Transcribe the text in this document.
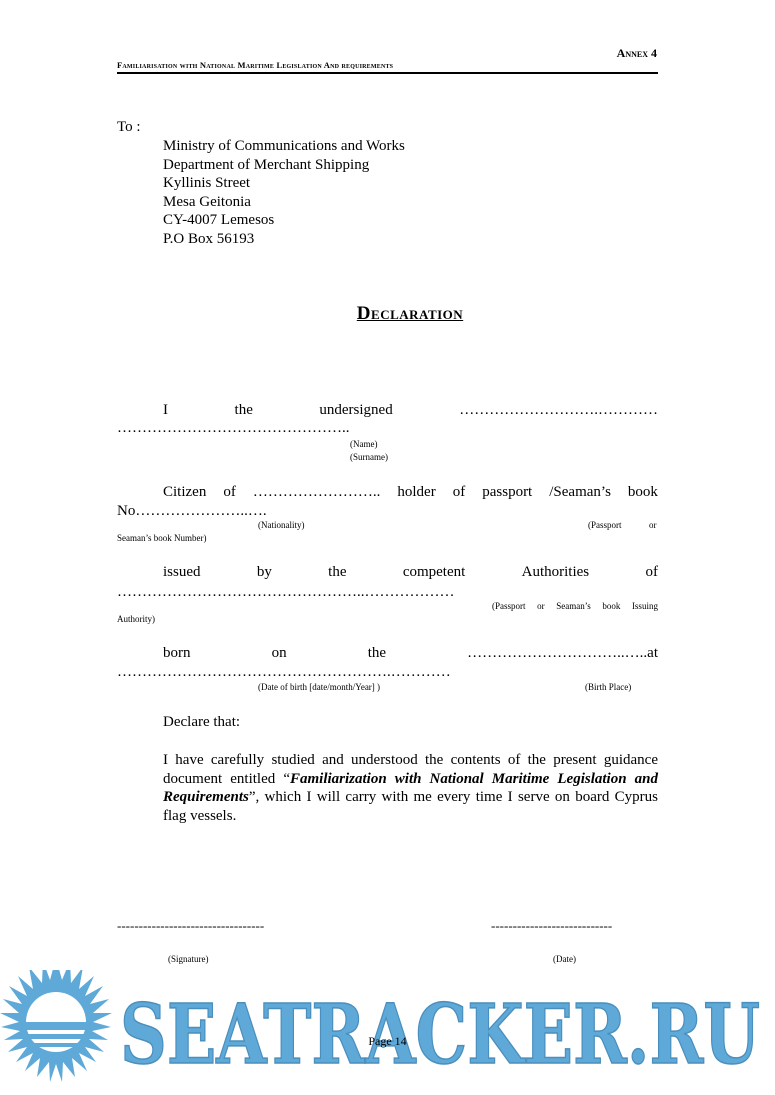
Annex 4
Familiarisation with National Maritime Legislation And requirements
To :
Ministry of Communications and Works
Department of Merchant Shipping
Kyllinis Street
Mesa Geitonia
CY-4007 Lemesos
P.O Box 56193
Declaration
I	the	undersigned	……………………….…………
………………………………………..
(Name)
(Surname)
Citizen of …………………….. holder of passport /Seaman’s book
No…………………..….
(Nationality)	(Passport	or
Seaman’s book Number)
issued	by	the	competent	Authorities	of
…………………………………………..………………
(Passport or Seaman’s book Issuing
Authority)
born	on	the	…………………………..…..at
……………………………………………….…………
(Date of birth [date/month/Year] )	(Birth Place)
Declare that:
I have carefully studied and understood the contents of the present guidance document entitled “Familiarization with National Maritime Legislation and Requirements”, which I will carry with me every time I serve on board Cyprus flag vessels.
----------------------------------	----------------------------
(Signature)	(Date)
SEATRACKER.RU
Page 14
